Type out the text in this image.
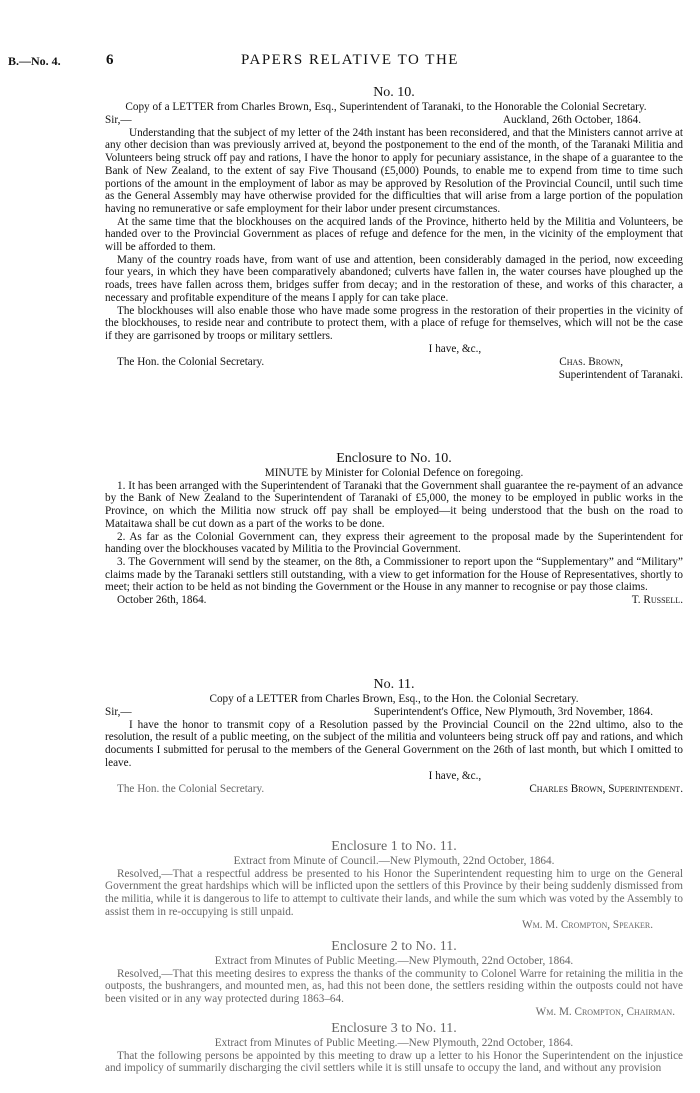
B.—No. 4.	6	PAPERS RELATIVE TO THE
No. 10.

Copy of a LETTER from Charles Brown, Esq., Superintendent of Taranaki, to the Honorable the Colonial Secretary.

Sir,—	Auckland, 26th October, 1864.

Understanding that the subject of my letter of the 24th instant has been reconsidered, and that the Ministers cannot arrive at any other decision than was previously arrived at, beyond the postponement to the end of the month, of the Taranaki Militia and Volunteers being struck off pay and rations, I have the honor to apply for pecuniary assistance, in the shape of a guarantee to the Bank of New Zealand, to the extent of say Five Thousand (£5,000) Pounds, to enable me to expend from time to time such portions of the amount in the employment of labor as may be approved by Resolution of the Provincial Council, until such time as the General Assembly may have otherwise provided for the difficulties that will arise from a large portion of the population having no remunerative or safe employment for their labor under present circumstances.

At the same time that the blockhouses on the acquired lands of the Province, hitherto held by the Militia and Volunteers, be handed over to the Provincial Government as places of refuge and defence for the men, in the vicinity of the employment that will be afforded to them.

Many of the country roads have, from want of use and attention, been considerably damaged in the period, now exceeding four years, in which they have been comparatively abandoned; culverts have fallen in, the water courses have ploughed up the roads, trees have fallen across them, bridges suffer from decay; and in the restoration of these, and works of this character, a necessary and profitable expenditure of the means I apply for can take place.

The blockhouses will also enable those who have made some progress in the restoration of their properties in the vicinity of the blockhouses, to reside near and contribute to protect them, with a place of refuge for themselves, which will not be the case if they are garrisoned by troops or military settlers.

I have, &c.,
The Hon. the Colonial Secretary.	Chas. Brown,
Superintendent of Taranaki.
Enclosure to No. 10.
MINUTE by Minister for Colonial Defence on foregoing.

1. It has been arranged with the Superintendent of Taranaki that the Government shall guarantee the re-payment of an advance by the Bank of New Zealand to the Superintendent of Taranaki of £5,000, the money to be employed in public works in the Province, on which the Militia now struck off pay shall be employed—it being understood that the bush on the road to Mataitawa shall be cut down as a part of the works to be done.

2. As far as the Colonial Government can, they express their agreement to the proposal made by the Superintendent for handing over the blockhouses vacated by Militia to the Provincial Government.

3. The Government will send by the steamer, on the 8th, a Commissioner to report upon the “Supplementary” and “Military” claims made by the Taranaki settlers still outstanding, with a view to get information for the House of Representatives, shortly to meet; their action to be held as not binding the Government or the House in any manner to recognise or pay those claims.

October 26th, 1864.	T. Russell.
No. 11.
Copy of a LETTER from Charles Brown, Esq., to the Hon. the Colonial Secretary.
Sir,—	Superintendent's Office, New Plymouth, 3rd November, 1864.

I have the honor to transmit copy of a Resolution passed by the Provincial Council on the 22nd ultimo, also to the resolution, the result of a public meeting, on the subject of the militia and volunteers being struck off pay and rations, and which documents I submitted for perusal to the members of the General Government on the 26th of last month, but which I omitted to leave.

I have, &c.,
The Hon. the Colonial Secretary.	Charles Brown, Superintendent.
Enclosure 1 to No. 11.
Extract from Minute of Council.—New Plymouth, 22nd October, 1864.

Resolved,—That a respectful address be presented to his Honor the Superintendent requesting him to urge on the General Government the great hardships which will be inflicted upon the settlers of this Province by their being suddenly dismissed from the militia, while it is dangerous to life to attempt to cultivate their lands, and while the sum which was voted by the Assembly to assist them in re-occupying is still unpaid.

Wm. M. Crompton, Speaker.
Enclosure 2 to No. 11.
Extract from Minutes of Public Meeting.—New Plymouth, 22nd October, 1864.

Resolved,—That this meeting desires to express the thanks of the community to Colonel Warre for retaining the militia in the outposts, the bushrangers, and mounted men, as, had this not been done, the settlers residing within the outposts could not have been visited or in any way protected during 1863–64.

Wm. M. Crompton, Chairman.
Enclosure 3 to No. 11.
Extract from Minutes of Public Meeting.—New Plymouth, 22nd October, 1864.

That the following persons be appointed by this meeting to draw up a letter to his Honor the Superintendent on the injustice and impolicy of summarily discharging the civil settlers while it is still unsafe to occupy the land, and without any provision
